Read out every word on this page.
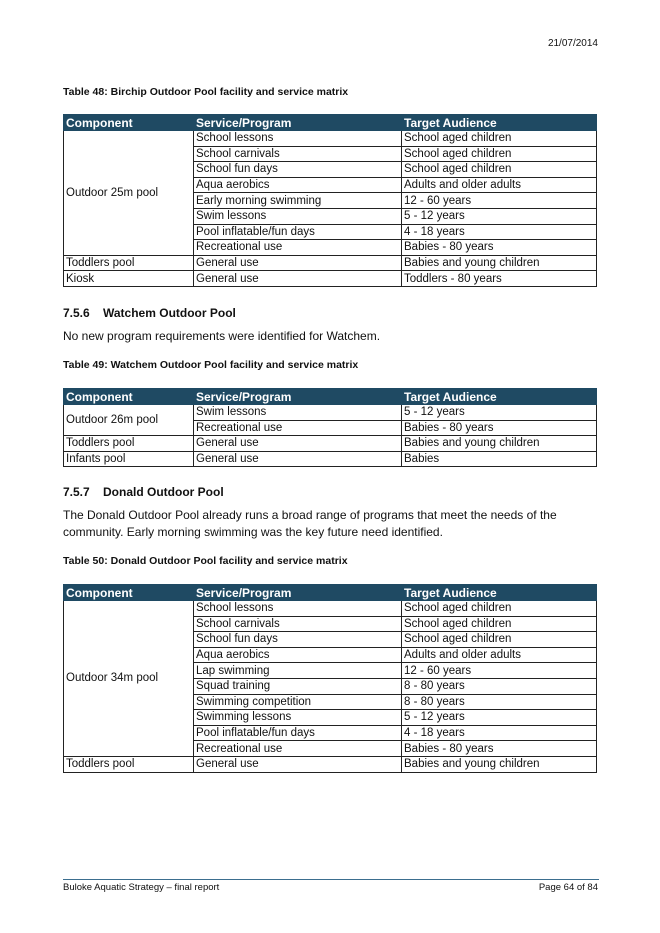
21/07/2014
Table 48: Birchip Outdoor Pool facility and service matrix
Component	Service/Program	Target Audience
Outdoor 25m pool	School lessons	School aged children
	School carnivals	School aged children
	School fun days	School aged children
	Aqua aerobics	Adults and older adults
	Early morning swimming	12 - 60 years
	Swim lessons	5 - 12 years
	Pool inflatable/fun days	4 - 18 years
	Recreational use	Babies - 80 years
Toddlers pool	General use	Babies and young children
Kiosk	General use	Toddlers - 80 years
7.5.6 Watchem Outdoor Pool
No new program requirements were identified for Watchem.
Table 49: Watchem Outdoor Pool facility and service matrix
Component	Service/Program	Target Audience
Outdoor 26m pool	Swim lessons	5 - 12 years
	Recreational use	Babies - 80 years
Toddlers pool	General use	Babies and young children
Infants pool	General use	Babies
7.5.7 Donald Outdoor Pool
The Donald Outdoor Pool already runs a broad range of programs that meet the needs of the community. Early morning swimming was the key future need identified.
Table 50: Donald Outdoor Pool facility and service matrix
Component	Service/Program	Target Audience
Outdoor 34m pool	School lessons	School aged children
	School carnivals	School aged children
	School fun days	School aged children
	Aqua aerobics	Adults and older adults
	Lap swimming	12 - 60 years
	Squad training	8 - 80 years
	Swimming competition	8 - 80 years
	Swimming lessons	5 - 12 years
	Pool inflatable/fun days	4 - 18 years
	Recreational use	Babies - 80 years
Toddlers pool	General use	Babies and young children
Buloke Aquatic Strategy – final report	Page 64 of 84
